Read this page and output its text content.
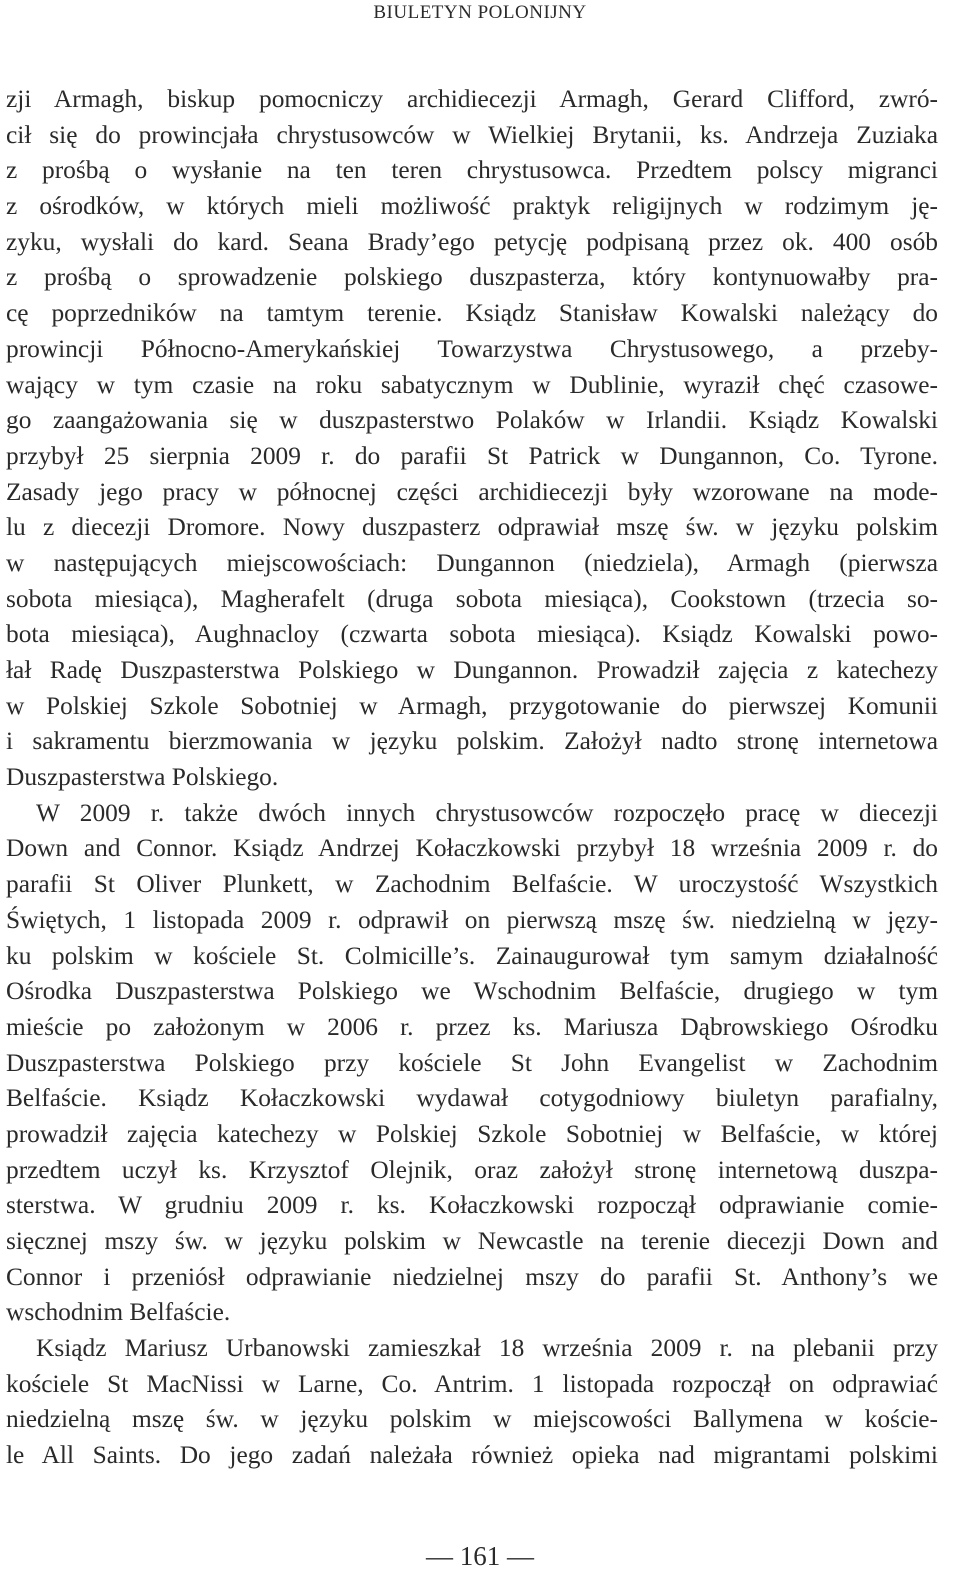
BIULETYN POLONIJNY
zji Armagh, biskup pomocniczy archidiecezji Armagh, Gerard Clifford, zwró-
cił się do prowincjała chrystusowców w Wielkiej Brytanii, ks. Andrzeja Zuziaka
z prośbą o wysłanie na ten teren chrystusowca. Przedtem polscy migranci
z ośrodków, w których mieli możliwość praktyk religijnych w rodzimym ję-
zyku, wysłali do kard. Seana Brady’ego petycję podpisaną przez ok. 400 osób
z prośbą o sprowadzenie polskiego duszpasterza, który kontynuowałby pra-
cę poprzedników na tamtym terenie. Ksiądz Stanisław Kowalski należący do
prowincji Północno-Amerykańskiej Towarzystwa Chrystusowego, a przeby-
wający w tym czasie na roku sabatycznym w Dublinie, wyraził chęć czasowe-
go zaangażowania się w duszpasterstwo Polaków w Irlandii. Ksiądz Kowalski
przybył 25 sierpnia 2009 r. do parafii St Patrick w Dungannon, Co. Tyrone.
Zasady jego pracy w północnej części archidiecezji były wzorowane na mode-
lu z diecezji Dromore. Nowy duszpasterz odprawiał mszę św. w języku polskim
w następujących miejscowościach: Dungannon (niedziela), Armagh (pierwsza
sobota miesiąca), Magherafelt (druga sobota miesiąca), Cookstown (trzecia so-
bota miesiąca), Aughnacloy (czwarta sobota miesiąca). Ksiądz Kowalski powo-
łał Radę Duszpasterstwa Polskiego w Dungannon. Prowadził zajęcia z katechezy
w Polskiej Szkole Sobotniej w Armagh, przygotowanie do pierwszej Komunii
i sakramentu bierzmowania w języku polskim. Założył nadto stronę internetowa
Duszpasterstwa Polskiego.
W 2009 r. także dwóch innych chrystusowców rozpoczęło pracę w diecezji
Down and Connor. Ksiądz Andrzej Kołaczkowski przybył 18 września 2009 r. do
parafii St Oliver Plunkett, w Zachodnim Belfaście. W uroczystość Wszystkich
Świętych, 1 listopada 2009 r. odprawił on pierwszą mszę św. niedzielną w języ-
ku polskim w kościele St. Colmicille’s. Zainaugurował tym samym działalność
Ośrodka Duszpasterstwa Polskiego we Wschodnim Belfaście, drugiego w tym
mieście po założonym w 2006 r. przez ks. Mariusza Dąbrowskiego Ośrodku
Duszpasterstwa Polskiego przy kościele St John Evangelist w Zachodnim
Belfaście. Ksiądz Kołaczkowski wydawał cotygodniowy biuletyn parafialny,
prowadził zajęcia katechezy w Polskiej Szkole Sobotniej w Belfaście, w której
przedtem uczył ks. Krzysztof Olejnik, oraz założył stronę internetową duszpa-
sterstwa. W grudniu 2009 r. ks. Kołaczkowski rozpoczął odprawianie comie-
sięcznej mszy św. w języku polskim w Newcastle na terenie diecezji Down and
Connor i przeniósł odprawianie niedzielnej mszy do parafii St. Anthony’s we
wschodnim Belfaście.
Ksiądz Mariusz Urbanowski zamieszkał 18 września 2009 r. na plebanii przy
kościele St MacNissi w Larne, Co. Antrim. 1 listopada rozpoczął on odprawiać
niedzielną mszę św. w języku polskim w miejscowości Ballymena w koście-
le All Saints. Do jego zadań należała również opieka nad migrantami polskimi
— 161 —
